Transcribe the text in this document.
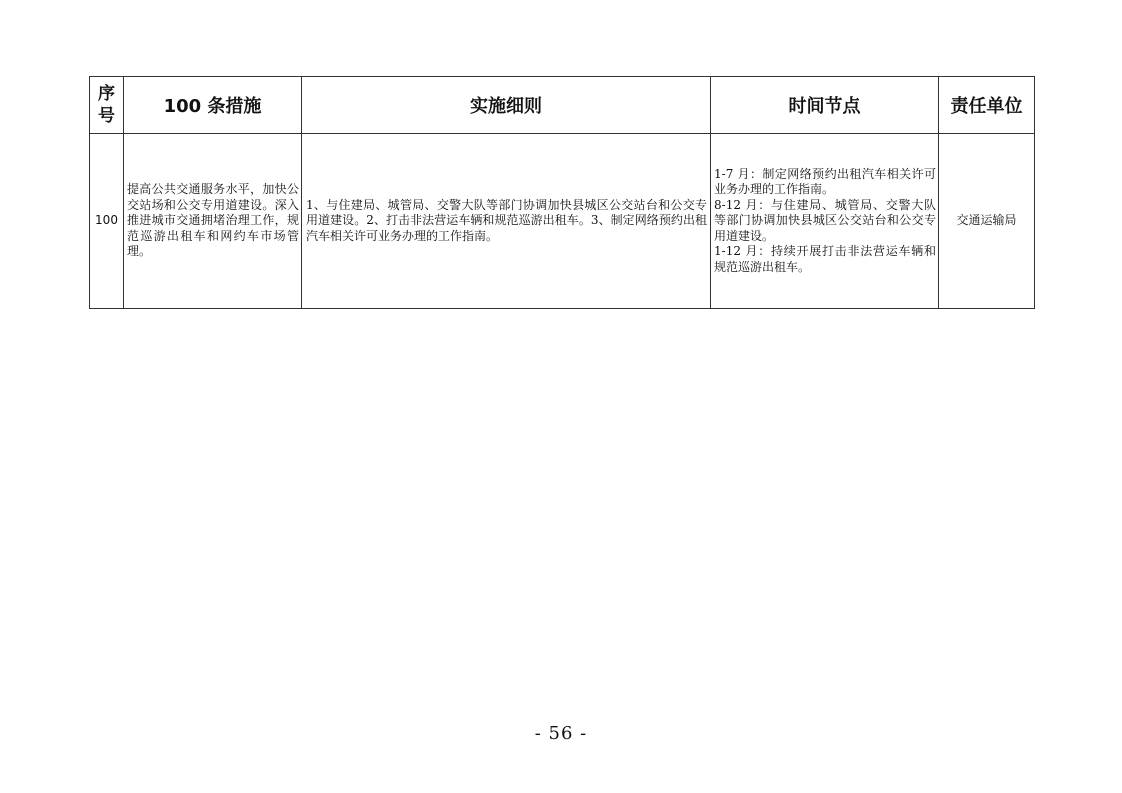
序号	100 条措施	实施细则	时间节点	责任单位
100	提高公共交通服务水平，加快公交站场和公交专用道建设。深入推进城市交通拥堵治理工作，规范巡游出租车和网约车市场管理。	1、与住建局、城管局、交警大队等部门协调加快县城区公交站台和公交专用道建设。2、打击非法营运车辆和规范巡游出租车。3、制定网络预约出租汽车相关许可业务办理的工作指南。	1-7 月：制定网络预约出租汽车相关许可业务办理的工作指南。
8-12 月：与住建局、城管局、交警大队等部门协调加快县城区公交站台和公交专用道建设。
1-12 月：持续开展打击非法营运车辆和规范巡游出租车。	交通运输局
- 56 -
